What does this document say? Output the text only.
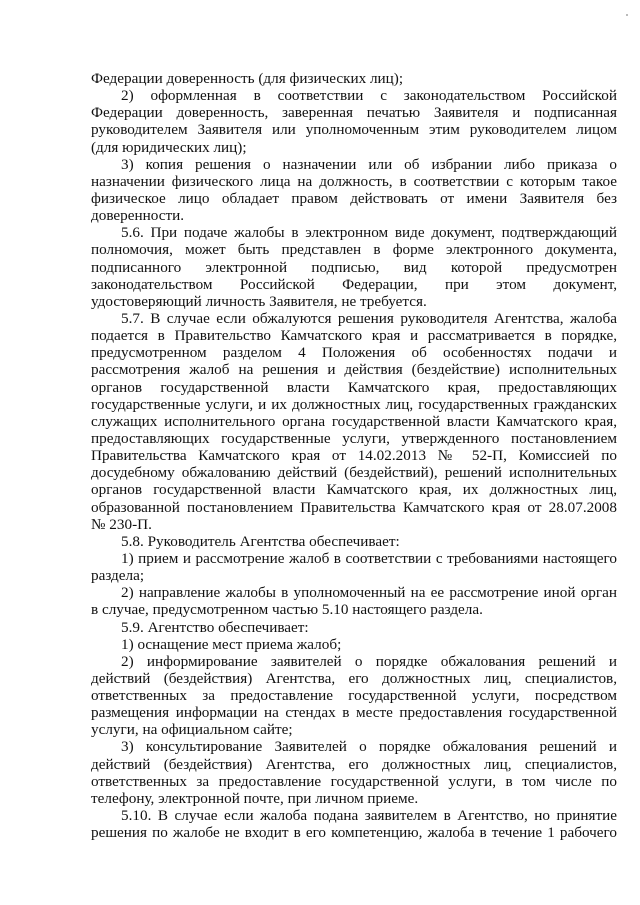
Федерации доверенность (для физических лиц);
2) оформленная в соответствии с законодательством Российской
Федерации доверенность, заверенная печатью Заявителя и подписанная
руководителем Заявителя или уполномоченным этим руководителем лицом
(для юридических лиц);
3) копия решения о назначении или об избрании либо приказа о
назначении физического лица на должность, в соответствии с которым такое
физическое лицо обладает правом действовать от имени Заявителя без
доверенности.
5.6. При подаче жалобы в электронном виде документ, подтверждающий
полномочия, может быть представлен в форме электронного документа,
подписанного электронной подписью, вид которой предусмотрен
законодательством Российской Федерации, при этом документ,
удостоверяющий личность Заявителя, не требуется.
5.7. В случае если обжалуются решения руководителя Агентства, жалоба
подается в Правительство Камчатского края и рассматривается в порядке,
предусмотренном разделом 4 Положения об особенностях подачи и
рассмотрения жалоб на решения и действия (бездействие) исполнительных
органов государственной власти Камчатского края, предоставляющих
государственные услуги, и их должностных лиц, государственных гражданских
служащих исполнительного органа государственной власти Камчатского края,
предоставляющих государственные услуги, утвержденного постановлением
Правительства Камчатского края от 14.02.2013 № 52-П, Комиссией по
досудебному обжалованию действий (бездействий), решений исполнительных
органов государственной власти Камчатского края, их должностных лиц,
образованной постановлением Правительства Камчатского края от 28.07.2008
№ 230-П.
5.8. Руководитель Агентства обеспечивает:
1) прием и рассмотрение жалоб в соответствии с требованиями настоящего
раздела;
2) направление жалобы в уполномоченный на ее рассмотрение иной орган
в случае, предусмотренном частью 5.10 настоящего раздела.
5.9. Агентство обеспечивает:
1) оснащение мест приема жалоб;
2) информирование заявителей о порядке обжалования решений и
действий (бездействия) Агентства, его должностных лиц, специалистов,
ответственных за предоставление государственной услуги, посредством
размещения информации на стендах в месте предоставления государственной
услуги, на официальном сайте;
3) консультирование Заявителей о порядке обжалования решений и
действий (бездействия) Агентства, его должностных лиц, специалистов,
ответственных за предоставление государственной услуги, в том числе по
телефону, электронной почте, при личном приеме.
5.10. В случае если жалоба подана заявителем в Агентство, но принятие
решения по жалобе не входит в его компетенцию, жалоба в течение 1 рабочего
